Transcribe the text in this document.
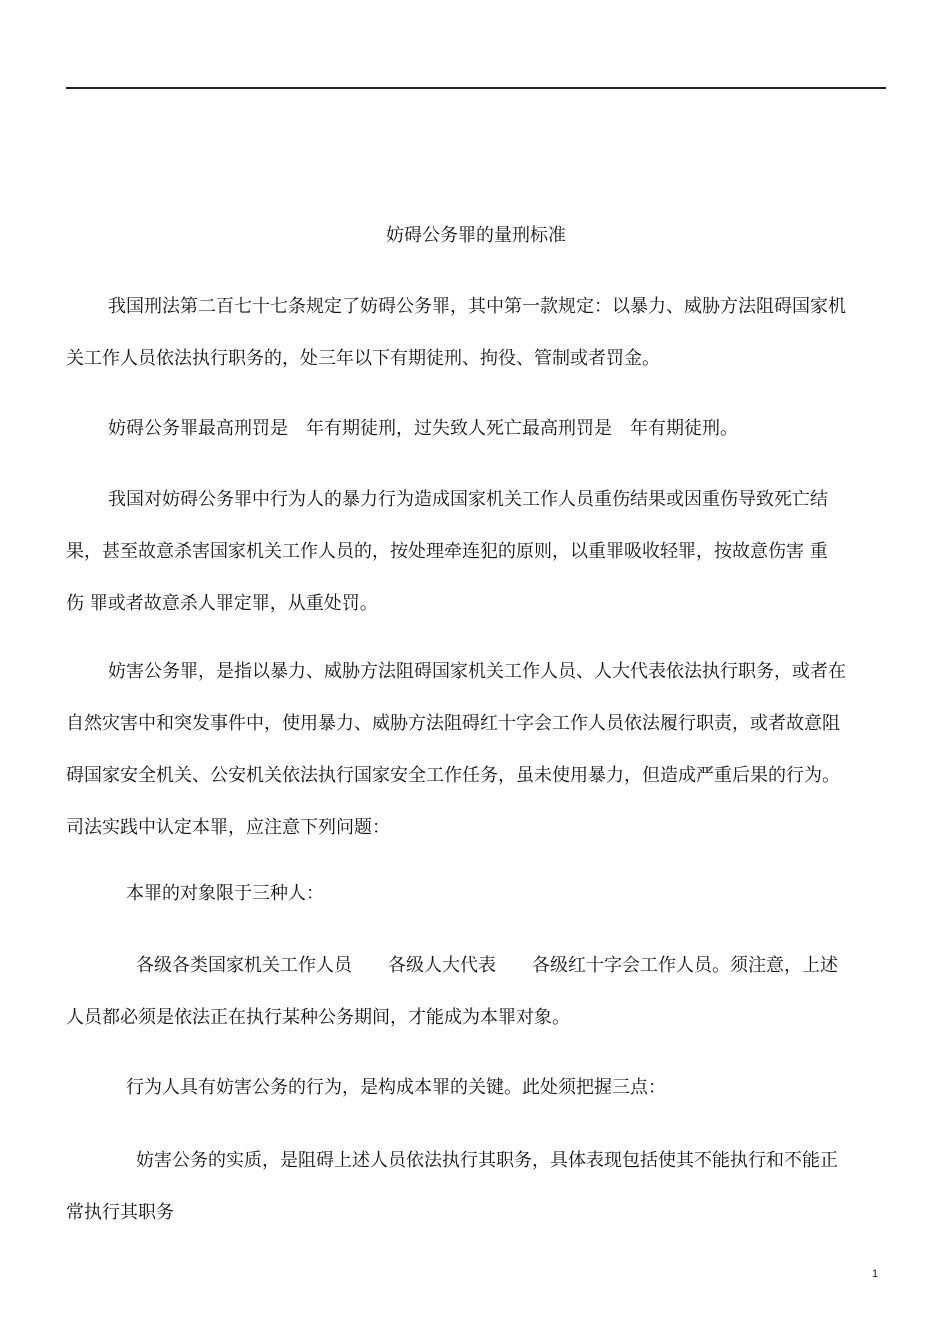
妨碍公务罪的量刑标准
我国刑法第二百七十七条规定了妨碍公务罪，其中第一款规定：以暴力、威胁方法阻碍国家机
关工作人员依法执行职务的，处三年以下有期徒刑、拘役、管制或者罚金。
妨碍公务罪最高刑罚是　年有期徒刑，过失致人死亡最高刑罚是　年有期徒刑。
我国对妨碍公务罪中行为人的暴力行为造成国家机关工作人员重伤结果或因重伤导致死亡结
果，甚至故意杀害国家机关工作人员的，按处理牵连犯的原则，以重罪吸收轻罪，按故意伤害 重
伤 罪或者故意杀人罪定罪，从重处罚。
妨害公务罪，是指以暴力、威胁方法阻碍国家机关工作人员、人大代表依法执行职务，或者在
自然灾害中和突发事件中，使用暴力、威胁方法阻碍红十字会工作人员依法履行职责，或者故意阻
碍国家安全机关、公安机关依法执行国家安全工作任务，虽未使用暴力，但造成严重后果的行为。
司法实践中认定本罪，应注意下列问题：
本罪的对象限于三种人：
各级各类国家机关工作人员　　各级人大代表　　各级红十字会工作人员。须注意，上述
人员都必须是依法正在执行某种公务期间，才能成为本罪对象。
行为人具有妨害公务的行为，是构成本罪的关键。此处须把握三点：
妨害公务的实质，是阻碍上述人员依法执行其职务，具体表现包括使其不能执行和不能正
常执行其职务
1
